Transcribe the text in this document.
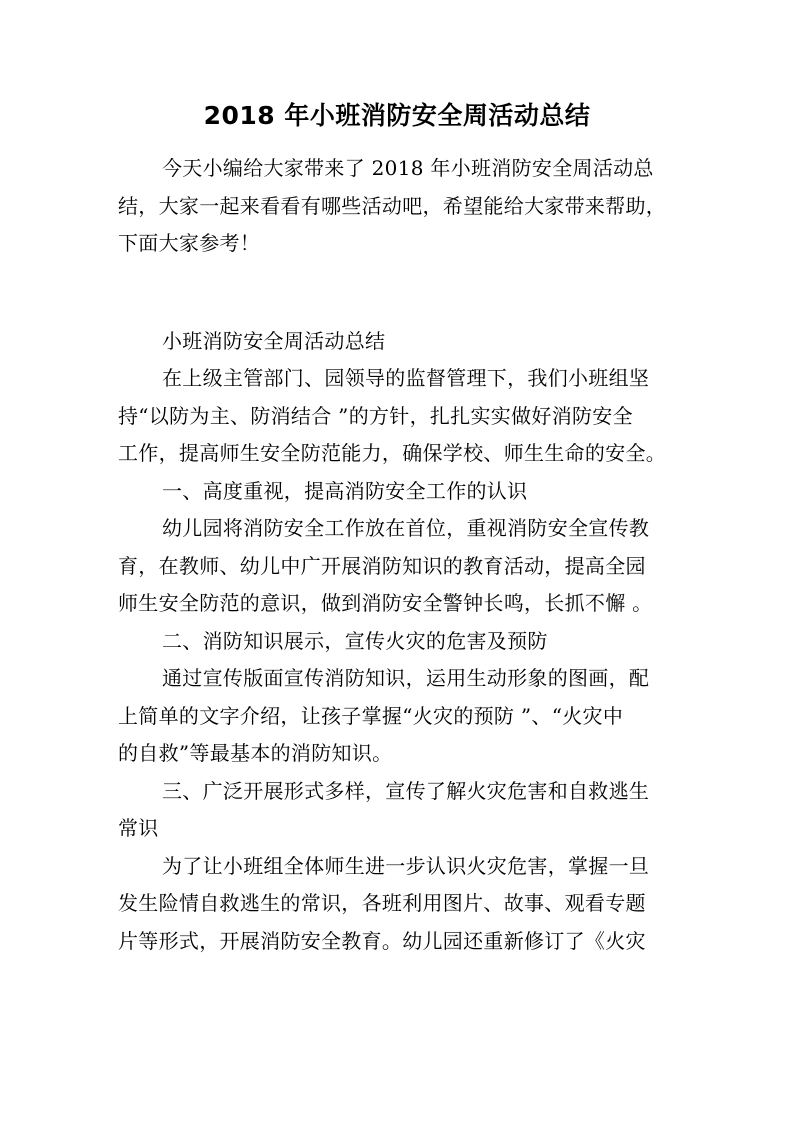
2018 年小班消防安全周活动总结
今天小编给大家带来了 2018 年小班消防安全周活动总
结，大家一起来看看有哪些活动吧，希望能给大家带来帮助，
下面大家参考！
小班消防安全周活动总结
在上级主管部门、园领导的监督管理下，我们小班组坚
持“以防为主、防消结合 ”的方针，扎扎实实做好消防安全
工作，提高师生安全防范能力，确保学校、师生生命的安全。
一、高度重视，提高消防安全工作的认识
幼儿园将消防安全工作放在首位，重视消防安全宣传教
育，在教师、幼儿中广开展消防知识的教育活动，提高全园
师生安全防范的意识，做到消防安全警钟长鸣，长抓不懈 。
二、消防知识展示，宣传火灾的危害及预防
通过宣传版面宣传消防知识，运用生动形象的图画，配
上简单的文字介绍，让孩子掌握“火灾的预防 ”、“火灾中
的自救”等最基本的消防知识。
三、广泛开展形式多样，宣传了解火灾危害和自救逃生
常识
为了让小班组全体师生进一步认识火灾危害，掌握一旦
发生险情自救逃生的常识，各班利用图片、故事、观看专题
片等形式，开展消防安全教育。幼儿园还重新修订了《火灾
